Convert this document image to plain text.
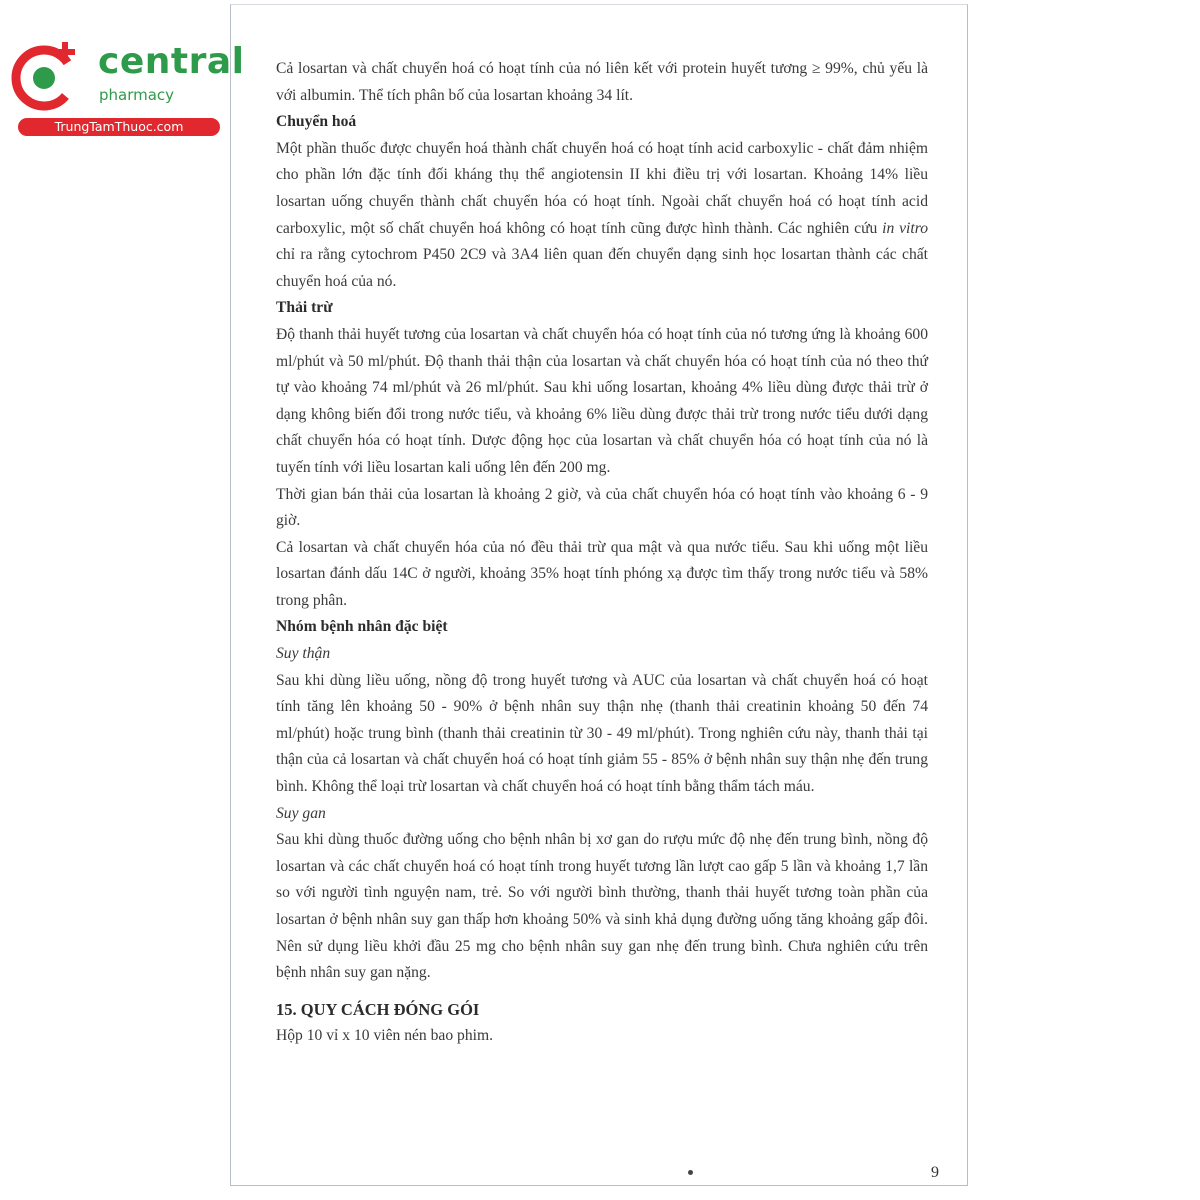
central
pharmacy
TrungTamThuoc.com

Cả losartan và chất chuyển hoá có hoạt tính của nó liên kết với protein huyết tương ≥ 99%, chủ yếu là với albumin. Thể tích phân bố của losartan khoảng 34 lít.

Chuyển hoá

Một phần thuốc được chuyển hoá thành chất chuyển hoá có hoạt tính acid carboxylic - chất đảm nhiệm cho phần lớn đặc tính đối kháng thụ thể angiotensin II khi điều trị với losartan. Khoảng 14% liều losartan uống chuyển thành chất chuyển hóa có hoạt tính. Ngoài chất chuyển hoá có hoạt tính acid carboxylic, một số chất chuyển hoá không có hoạt tính cũng được hình thành. Các nghiên cứu in vitro chỉ ra rằng cytochrom P450 2C9 và 3A4 liên quan đến chuyển dạng sinh học losartan thành các chất chuyển hoá của nó.

Thải trừ

Độ thanh thải huyết tương của losartan và chất chuyển hóa có hoạt tính của nó tương ứng là khoảng 600 ml/phút và 50 ml/phút. Độ thanh thải thận của losartan và chất chuyển hóa có hoạt tính của nó theo thứ tự vào khoảng 74 ml/phút và 26 ml/phút. Sau khi uống losartan, khoảng 4% liều dùng được thải trừ ở dạng không biến đổi trong nước tiểu, và khoảng 6% liều dùng được thải trừ trong nước tiểu dưới dạng chất chuyển hóa có hoạt tính. Dược động học của losartan và chất chuyển hóa có hoạt tính của nó là tuyến tính với liều losartan kali uống lên đến 200 mg.

Thời gian bán thải của losartan là khoảng 2 giờ, và của chất chuyển hóa có hoạt tính vào khoảng 6 - 9 giờ.

Cả losartan và chất chuyển hóa của nó đều thải trừ qua mật và qua nước tiểu. Sau khi uống một liều losartan đánh dấu 14C ở người, khoảng 35% hoạt tính phóng xạ được tìm thấy trong nước tiểu và 58% trong phân.

Nhóm bệnh nhân đặc biệt

Suy thận

Sau khi dùng liều uống, nồng độ trong huyết tương và AUC của losartan và chất chuyển hoá có hoạt tính tăng lên khoảng 50 - 90% ở bệnh nhân suy thận nhẹ (thanh thải creatinin khoảng 50 đến 74 ml/phút) hoặc trung bình (thanh thải creatinin từ 30 - 49 ml/phút). Trong nghiên cứu này, thanh thải tại thận của cả losartan và chất chuyển hoá có hoạt tính giảm 55 - 85% ở bệnh nhân suy thận nhẹ đến trung bình. Không thể loại trừ losartan và chất chuyển hoá có hoạt tính bằng thẩm tách máu.

Suy gan

Sau khi dùng thuốc đường uống cho bệnh nhân bị xơ gan do rượu mức độ nhẹ đến trung bình, nồng độ losartan và các chất chuyển hoá có hoạt tính trong huyết tương lần lượt cao gấp 5 lần và khoảng 1,7 lần so với người tình nguyện nam, trẻ. So với người bình thường, thanh thải huyết tương toàn phần của losartan ở bệnh nhân suy gan thấp hơn khoảng 50% và sinh khả dụng đường uống tăng khoảng gấp đôi. Nên sử dụng liều khởi đầu 25 mg cho bệnh nhân suy gan nhẹ đến trung bình. Chưa nghiên cứu trên bệnh nhân suy gan nặng.

15. QUY CÁCH ĐÓNG GÓI

Hộp 10 vỉ x 10 viên nén bao phim.

9
